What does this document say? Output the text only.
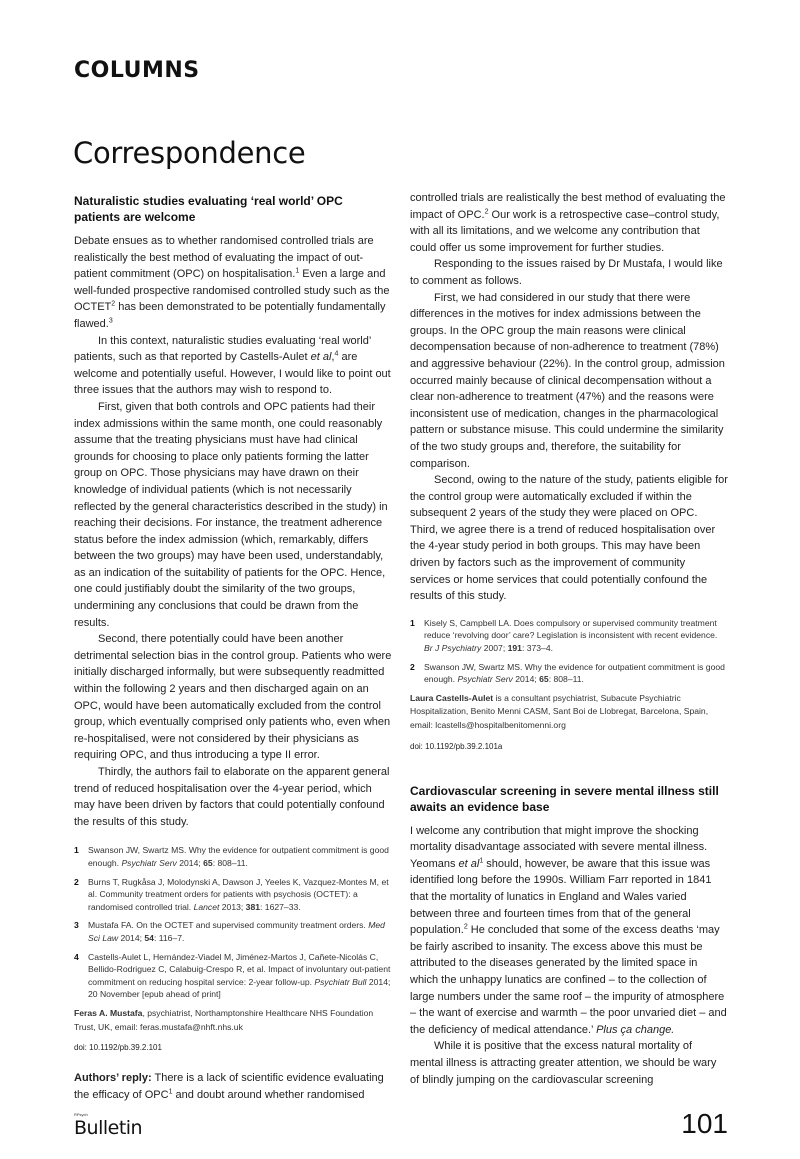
COLUMNS
Correspondence
Naturalistic studies evaluating ‘real world’ OPC patients are welcome

Debate ensues as to whether randomised controlled trials are realistically the best method of evaluating the impact of out-patient commitment (OPC) on hospitalisation.$^1$ Even a large and well-funded prospective randomised controlled study such as the OCTET$^2$ has been demonstrated to be potentially fundamentally flawed.$^3$

In this context, naturalistic studies evaluating ‘real world’ patients, such as that reported by Castells-Aulet et al,$^4$ are welcome and potentially useful. However, I would like to point out three issues that the authors may wish to respond to.

First, given that both controls and OPC patients had their index admissions within the same month, one could reasonably assume that the treating physicians must have had clinical grounds for choosing to place only patients forming the latter group on OPC. Those physicians may have drawn on their knowledge of individual patients (which is not necessarily reflected by the general characteristics described in the study) in reaching their decisions. For instance, the treatment adherence status before the index admission (which, remarkably, differs between the two groups) may have been used, understandably, as an indication of the suitability of patients for the OPC. Hence, one could justifiably doubt the similarity of the two groups, undermining any conclusions that could be drawn from the results.

Second, there potentially could have been another detrimental selection bias in the control group. Patients who were initially discharged informally, but were subsequently readmitted within the following 2 years and then discharged again on an OPC, would have been automatically excluded from the control group, which eventually comprised only patients who, even when re-hospitalised, were not considered by their physicians as requiring OPC, and thus introducing a type II error.

Thirdly, the authors fail to elaborate on the apparent general trend of reduced hospitalisation over the 4-year period, which may have been driven by factors that could potentially confound the results of this study.

1	Swanson JW, Swartz MS. Why the evidence for outpatient commitment is good enough. Psychiatr Serv 2014; 65: 808–11.
2	Burns T, Rugkåsa J, Molodynski A, Dawson J, Yeeles K, Vazquez-Montes M, et al. Community treatment orders for patients with psychosis (OCTET): a randomised controlled trial. Lancet 2013; 381: 1627–33.
3	Mustafa FA. On the OCTET and supervised community treatment orders. Med Sci Law 2014; 54: 116–7.
4	Castells-Aulet L, Hernández-Viadel M, Jiménez-Martos J, Cañete-Nicolás C, Bellido-Rodriguez C, Calabuig-Crespo R, et al. Impact of involuntary out-patient commitment on reducing hospital service: 2-year follow-up. Psychiatr Bull 2014; 20 November [epub ahead of print]
Feras A. Mustafa, psychiatrist, Northamptonshire Healthcare NHS Foundation Trust, UK, email: feras.mustafa@nhft.nhs.uk
doi: 10.1192/pb.39.2.101
Authors’ reply: There is a lack of scientific evidence evaluating the efficacy of OPC$^1$ and doubt around whether randomised

controlled trials are realistically the best method of evaluating the impact of OPC.$^2$ Our work is a retrospective case–control study, with all its limitations, and we welcome any contribution that could offer us some improvement for further studies.

Responding to the issues raised by Dr Mustafa, I would like to comment as follows.

First, we had considered in our study that there were differences in the motives for index admissions between the groups. In the OPC group the main reasons were clinical decompensation because of non-adherence to treatment (78%) and aggressive behaviour (22%). In the control group, admission occurred mainly because of clinical decompensation without a clear non-adherence to treatment (47%) and the reasons were inconsistent use of medication, changes in the pharmacological pattern or substance misuse. This could undermine the similarity of the two study groups and, therefore, the suitability for comparison.

Second, owing to the nature of the study, patients eligible for the control group were automatically excluded if within the subsequent 2 years of the study they were placed on OPC. Third, we agree there is a trend of reduced hospitalisation over the 4-year study period in both groups. This may have been driven by factors such as the improvement of community services or home services that could potentially confound the results of this study.

1	Kisely S, Campbell LA. Does compulsory or supervised community treatment reduce ‘revolving door’ care? Legislation is inconsistent with recent evidence. Br J Psychiatry 2007; 191: 373–4.
2	Swanson JW, Swartz MS. Why the evidence for outpatient commitment is good enough. Psychiatr Serv 2014; 65: 808–11.
Laura Castells-Aulet is a consultant psychiatrist, Subacute Psychiatric Hospitalization, Benito Menni CASM, Sant Boi de Llobregat, Barcelona, Spain, email: lcastells@hospitalbenitomenni.org
doi: 10.1192/pb.39.2.101a
Cardiovascular screening in severe mental illness still awaits an evidence base

I welcome any contribution that might improve the shocking mortality disadvantage associated with severe mental illness. Yeomans et $al^1$ should, however, be aware that this issue was identified long before the 1990s. William Farr reported in 1841 that the mortality of lunatics in England and Wales varied between three and fourteen times from that of the general population.$^2$ He concluded that some of the excess deaths ‘may be fairly ascribed to insanity. The excess above this must be attributed to the diseases generated by the limited space in which the unhappy lunatics are confined – to the collection of large numbers under the same roof – the impurity of atmosphere – the want of exercise and warmth – the poor unvaried diet – and the deficiency of medical attendance.’ Plus ça change.

While it is positive that the excess natural mortality of mental illness is attracting greater attention, we should be wary of blindly jumping on the cardiovascular screening

RPsych
Bulletin	101
